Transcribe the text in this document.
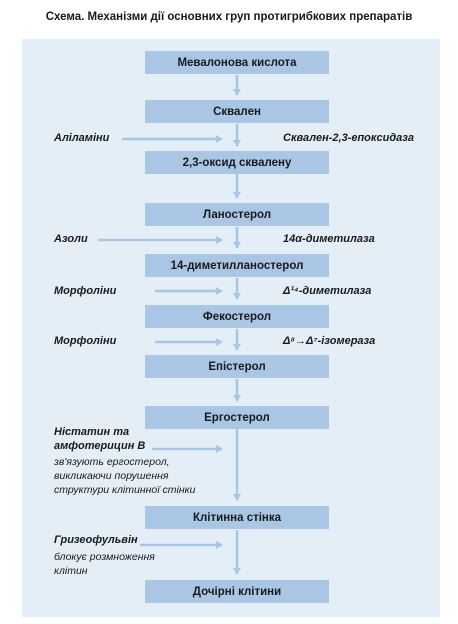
Схема. Механізми дії основних груп протигрибкових препаратів
Мевалонова кислота
Сквален
2,3-оксид сквалену
Ланостерол
14-диметилланостерол
Фекостерол
Епістерол
Ергостерол
Клітинна стінка
Дочірні клітини
Аліламіни	Сквален-2,3-епоксидаза
Азоли	14α-диметилаза
Морфоліни	Δ¹⁴-диметилаза
Морфоліни	Δ⁸→Δ⁷-ізомераза
Ністатин та
амфотерицин В
зв'язують ергостерол,
викликаючи порушення
структури клітинної стінки
Гризеофульвін
блокує розмноження
клітин
